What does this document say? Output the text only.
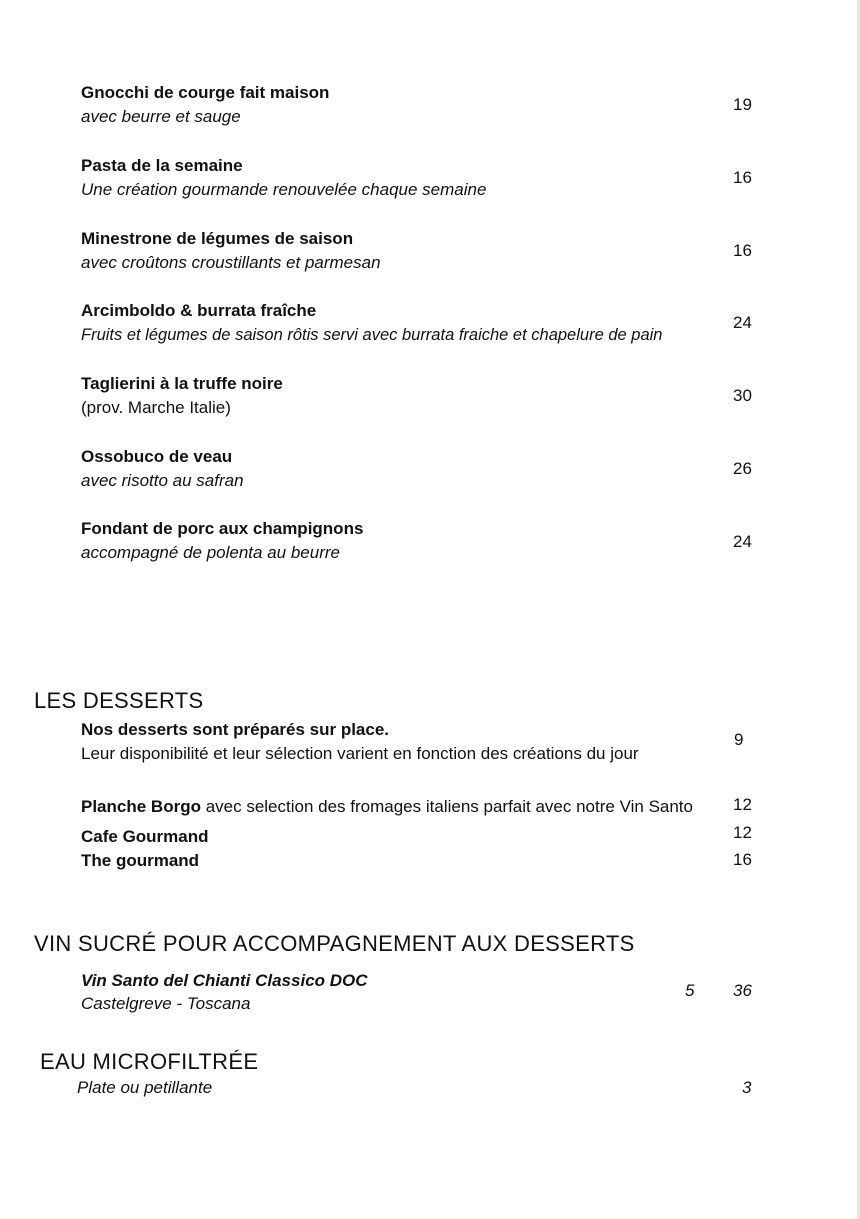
Gnocchi de courge fait maison
avec beurre et sauge
19
Pasta de la semaine
Une création gourmande renouvelée chaque semaine
16
Minestrone de légumes de saison
avec croûtons croustillants et parmesan
16
Arcimboldo & burrata fraîche
Fruits et légumes de saison rôtis servi avec burrata fraiche et chapelure de pain
24
Taglierini à la truffe noire
(prov. Marche Italie)
30
Ossobuco de veau
avec risotto au safran
26
Fondant de porc aux champignons
accompagné de polenta au beurre
24
LES DESSERTS
Nos desserts sont préparés sur place.
Leur disponibilité et leur sélection varient en fonction des créations du jour
9
Planche Borgo avec selection des fromages italiens parfait avec notre Vin Santo	12
Cafe Gourmand	12
The gourmand	16
VIN SUCRÉ POUR ACCOMPAGNEMENT AUX DESSERTS
Vin Santo del Chianti Classico DOC
Castelgreve - Toscana
5 36
EAU MICROFILTRÉE
Plate ou petillante	3
